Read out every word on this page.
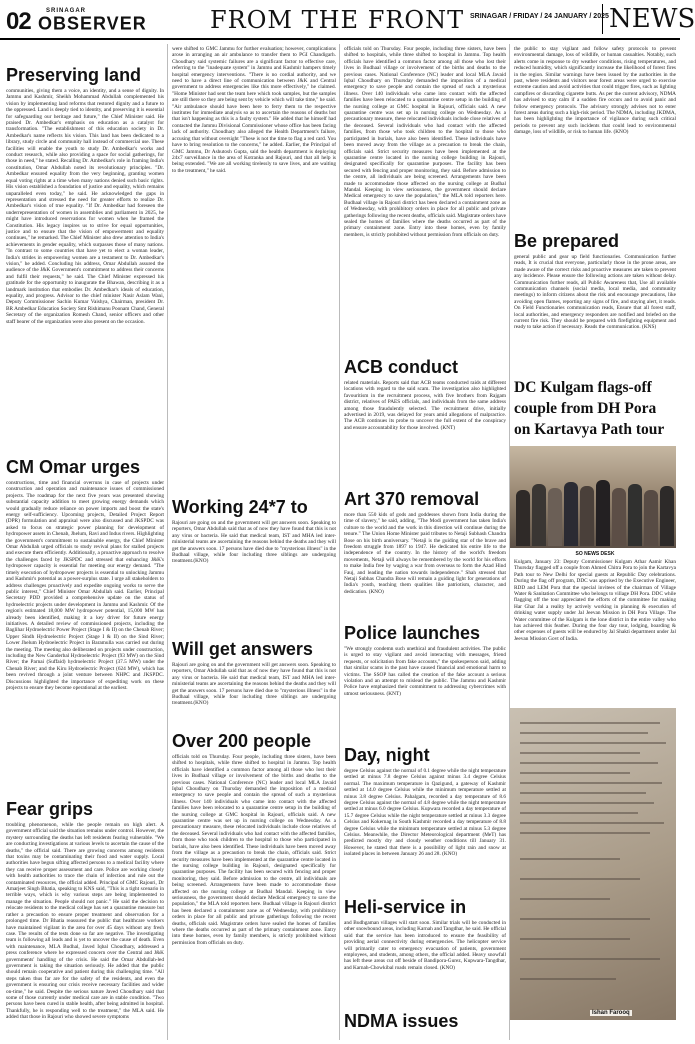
02	SRINAGAR
OBSERVER	FROM THE FRONT SRINAGAR / FRIDAY / 24 JANUARY / 2025 NEWS
Preserving land
communities, giving them a voice, an identity, and a sense of dignity. In Jammu and Kashmir, Sheikh Mohammad Abdullah complemented his vision by implementing land reforms that restored dignity and a future to the oppressed. Land is deeply tied to identity, and preserving it is essential for safeguarding our heritage and future," the Chief Minister said. He praised Dr. Ambedkar's emphasis on education as a catalyst for transformation. "The establishment of this education society in Dr. Ambedkar's name reflects his vision. This land has been dedicated to a library, study circle and community hall instead of commercial use. These facilities will enable the youth to study Dr. Ambedkar's works and conduct research, while also providing a space for social gatherings, for those in need," he stated. Recalling Dr. Ambedkar's role in framing India's constitution, Omar Abdullah noted its revolutionary principles. "Dr. Ambedkar ensured equality from the very beginning, granting women equal voting rights at a time when many nations denied such basic rights. His vision established a foundation of justice and equality, which remains unparalleled even today," he said. He acknowledged the gaps in representation and stressed the need for greater efforts to realize Dr. Ambedkar's vision of true equality. "If Dr. Ambedkar had foreseen the underrepresentation of women in assemblies and parliament in 2025, he might have introduced reservations for women when he framed the Constitution. His legacy inspires us to strive for equal opportunities, justice and to ensure that the vision of empowerment and equality continues," he remarked. The Chief Minister also drew attention to India's achievements in gender equality, which surpasses those of many nations. "In contrast to some countries that have yet to elect a woman leader, India's strides in empowering women are a testament to Dr. Ambedkar's vision," he added. Concluding his address, Omar Abdullah assured the audience of the J&K Government's commitment to address their concerns and fulfil their requests," he said. The Chief Minister expressed his gratitude for the opportunity to inaugurate the Bhawan, describing it as a landmark institution that embodies Dr. Ambedkar's ideals of education, equality, and progress. Advisor to the chief minister Nasir Aslam Wani, Deputy Commissioner Sachin Kumar Vaishya, Chairman, president Dr. BR Ambedkar Education Society Smt Rishimanu Poonam Chand, General Secretary of the organization Romesh Chand, senior officers and other staff bearer of the organization were also present on the occasion.
CM Omar urges
constructions, time and financial overruns in case of projects under construction and operation and maintenance issues of commissioned projects. The roadmap for the next five years was presented showing substantial capacity addition to meet growing energy demands which would gradually reduce reliance on power imports and boost the state's energy self-sufficiency. Upcoming projects, Detailed Project Report (DPR) formulation and appraisal were also discussed and JKSPDC was asked to focus on strategic power planning for development of hydropower assets in Chenab, Jhelum, Ravi and Indus rivers. Highlighting the government's commitment to sustainable energy, the Chief Minister Omar Abdullah urged officials to study revival plans for stalled projects and execute them efficiently. Additionally, a proactive approach to resolve the challenges faced by JKSPDC and stressed that enhancing J&K's hydropower capacity is essential for meeting our energy demand. "The timely execution of hydropower projects is essential to unlocking Jammu and Kashmir's potential as a power-surplus state. I urge all stakeholders to address challenges proactively and expedite ongoing works to serve the public interest," Chief Minister Omar Abdullah said. Earlier, Principal Secretary PDD provided a comprehensive update on the status of hydroelectric projects under development in Jammu and Kashmir. Of the region's estimated 18,000 MW hydropower potential, 15,000 MW has already been identified, making it a key driver for future energy initiatives. A detailed review of commissioned projects, including the Baglihar Hydroelectric Power Project (Stage I & II) on the Chenab River; Upper Sindh Hydroelectric Project (Stage I & II) on the Sind River; Lower Jhelum Hydroelectric Project in Baramulla was carried out during the meeting. The meeting also deliberated on projects under construction, including the New Ganderbal Hydroelectric Project (93 MW) on the Sind River; the Parnai (Suffaid) hydroelectric Project (37.5 MW) under the Chenab River; and the Kiru Hydroelectric Project (624 MW), which has been revived through a joint venture between NHPC and JKSPDC. Discussions highlighted the importance of expediting work on these projects to ensure they become operational at the earliest.
Fear grips
troubling phenomenon, while the people remain on high alert. A government official said the situation remains under control. However, the mystery surrounding the deaths has left residents fearing vulnerable. "We are conducting investigations at various levels to ascertain the cause of the deaths," the official said. There are growing concerns among residents that toxins may be contaminating their food and water supply. Local authorities have begun sifting affected persons to a medical facility where they can receive proper assessment and care. Police are working closely with health authorities to trace the chain of infection and rule out the contaminated resources, the official added. Principal of GMC Rajouri, Dr Amarjeet Singh Bhatia, speaking to KNS said, "This is a tight scenario in terrible ways, which is why various steps are being implemented to manage the situation. People should not panic." He said the decision to relocate residents to the medical college has set a quarantine measure but rather a precaution to ensure proper treatment and observation for a prolonged time. Dr Bhatia reassured the public that healthcare workers have maintained vigilant in the area for over 45 days without any fresh case. The results of the tests done so far are negative. The investigating team is following all leads and is yet to uncover the cause of death. Even with maintenance, MLA Budhal, Javed Iqbal Choudhary, addressed a press conference where he expressed concern over the Central and J&K governments' handling of the crisis. He said the Omar Abdullah-led government is taking the situation seriously. He added that the public should remain cooperative and patient during this challenging time. "All steps taken thus far are for the safety of the residents, and even the government is ensuring our crisis receive necessary facilities and wider on-time," he said. Despite the serious nature Javed Choudhary said that some of those currently under medical care are in stable condition. "Two persons have been cured in stable health, after being admitted in hospital. Thankfully, he is responding well to the treatment," the MLA said. He added that those in Rajouri who showed severe symptoms
were shifted to GMC Jammu for further evaluation; however, complications arose in arranging an air ambulance to transfer them to PGI Chandigarh. Choudhary said systemic failures are a significant factor to effective care, referring to the "inadequate system" in Jammu and Kashmir hampers timely hospital emergency interventions. "There is no cordial authority, and we need to have a direct line of communication between J&K and Central government to address emergencies like this more effectively," he claimed. "Home Minister had sent the team here which took samples, but the samples are still there so they are being sent by vehicle which will take time," he said. "Air ambulance should have been here to ferry them to the respective institutes for immediate analysis so as to ascertain the reasons of deaths but that isn't happening as this is a faulty system." He added that he himself had contacted the Jammu Divisional Commissioner whose office has been facing lack of authority. Choudhary also alleged the Health Department's failure, accusing that without oversight "These is not the time to flag a red card. You have to bring resolution to the concerns," he added. Earlier, the Principal of GMC Jammu, Dr Ashutosh Gupta, said the health department is deploying 24x7 surveillance in the area of Kotranka and Rajouri, and that all help is being extended. "We are all working tirelessly to save lives, and are waiting to the treatment," he said.
Working 24*7 to
Rajouri are going on and the government will get answers soon. Speaking to reporters, Omar Abdullah said that as of now they have found that this is not any virus or bacteria. He said that medical team, IST and MHA led inter-ministerial teams are ascertaining the reasons behind the deaths and they will get the answers soon. 17 persons have died due to "mysterious illness" in the Budhaal village, while four including three siblings are undergoing treatment.(KNO)
Will get answers
Rajouri are going on and the government will get answers soon. Speaking to reporters, Omar Abdullah said that as of now they have found that this is not any virus or bacteria. He said that medical team, IST and MHA led inter-ministerial teams are ascertaining the reasons behind the deaths and they will get the answers soon. 17 persons have died due to "mysterious illness" in the Budhaal village, while four including three siblings are undergoing treatment.(KNO)
Over 200 people
officials told on Thursday. Four people, including three sisters, have been shifted to hospitals, while three shifted to hospital in Jammu. Top health officials have identified a common factor among all those who lost their lives in Budhaal village or involvement of the births and deaths to the previous cases. National Conference (NC) leader and local MLA Javaid Iqbal Choudhary on Thursday demanded the imposition of a medical emergency to save people and contain the spread of such a mysterious illness. Over 140 individuals who came into contact with the affected families have been relocated to a quarantine centre setup in the building of the nursing college at GMC hospital in Rajouri, officials said. A new quarantine centre was set up in nursing college on Wednesday. As a precautionary measure, these relocated individuals include close relatives of the deceased. Several individuals who had contact with the affected families, from those who took children to the hospital to those who participated in burials, have also been identified. These individuals have been moved away from the village as a precaution to break the chain, officials said. Strict security measures have been implemented at the quarantine centre located in the nursing college building in Rajouri, designated specifically for quarantine purposes. The facility has been secured with fencing and proper monitoring, they said. Before admission to the centre, all individuals are being screened. Arrangements have been made to accommodate those affected on the nursing college at Budhal Mandal. Keeping in view seriousness, the government should declare Medical emergency to save the population," the MLA told reporters here. Budhaal village in Rajouri district has been declared a containment zone as of Wednesday, with prohibitory orders in place for all public and private gatherings following the recent deaths, officials said. Magistrate orders have sealed the homes of families where the deaths occurred as part of the primary containment zone. Entry into these homes, even by family members, is strictly prohibited without permission from officials on duty.
officials told on Thursday. Four people, including three sisters, have been shifted to hospitals, while three shifted to hospital in Jammu. Top health officials have identified a common factor among all those who lost their lives in Budhaal village or involvement of the births and deaths to the previous cases. National Conference (NC) leader and local MLA Javaid Iqbal Choudhary on Thursday demanded the imposition of a medical emergency to save people and contain the spread of such a mysterious illness. Over 140 individuals who came into contact with the affected families have been relocated to a quarantine centre setup in the building of the nursing college at GMC hospital in Rajouri, officials said. A new quarantine centre was set up in nursing college on Wednesday. As a precautionary measure, these relocated individuals include close relatives of the deceased. Several individuals who had contact with the affected families, from those who took children to the hospital to those who participated in burials, have also been identified. These individuals have been moved away from the village as a precaution to break the chain, officials said. Strict security measures have been implemented at the quarantine centre located in the nursing college building in Rajouri, designated specifically for quarantine purposes. The facility has been secured with fencing and proper monitoring, they said. Before admission to the centre, all individuals are being screened. Arrangements have been made to accommodate those affected on the nursing college at Budhal Mandal. Keeping in view seriousness, the government should declare Medical emergency to save the population," the MLA told reporters here. Budhaal village in Rajouri district has been declared a containment zone as of Wednesday, with prohibitory orders in place for all public and private gatherings following the recent deaths, officials said. Magistrate orders have sealed the homes of families where the deaths occurred as part of the primary containment zone. Entry into these homes, even by family members, is strictly prohibited without permission from officials on duty.
ACB conduct
related materials. Reports said that ACB teams conducted raids at different locations with regard to the said scam. The investigation also highlighted favouritism in the recruitment process, with five brothers from Rajgam district, relatives of PAES officials, and individuals from the same address among those fraudulently selected. The recruitment drive, initially advertised in 2019, was delayed for years amid allegations of malpractice. The ACB continues its probe to uncover the full extent of the conspiracy and ensure accountability for those involved. (KNT)
Art 370 removal
more than 550 kids of gods and goddesses shown from India during the time of slavery," he said, adding, "The Modi government has taken India's culture to the world and the work in this direction will continue during the tenure." The Union Home Minister paid tributes to Netaji Subhash Chandra Bose on his birth anniversary. "Netaji is the guiding star of the brave and freedom struggle from 1897 to 1947. He dedicated his entire life to the independence of the country. In the history of the world's freedom movements, Netaji will always be remembered by the world for his efforts to make India free by waging a war from overseas to form the Azad Hind Fauj, and leading the nation towards independence." Shah stressed that Netaji Subhas Chandra Bose will remain a guiding light for generations of India's youth, teaching them qualities like patriotism, character, and dedication. (KNO)
Police launches
"We strongly condemn such unethical and fraudulent activities. The public is urged to stay vigilant and avoid interacting with messages, friend requests, or solicitation from fake accounts," the spokesperson said, adding that similar scams in the past have caused financial and emotional harm to victims. The SSOP has called the creation of the fake account a serious violation and an attempt to mislead the public. The Jammu and Kashmir Police have emphasized their commitment to addressing cybercrimes with utmost seriousness. (KNT)
Day, night
degree Celsius against the normal of 0.1 degree while the night temperature settled at minus 7.8 degree Celsius against minus 3.4 degree Celsius normal. The maximum temperature in Qazigund, a gateway of Kashmir settled at 14.0 degree Celsius while the minimum temperature settled at minus 3.8 degree Celsius. Pahalgam, recorded a day temperature of 8.6 degree Celsius against the normal of 4.8 degree while the night temperature settled at minus 6.0 degree Celsius. Kupwara recorded a day temperature of 15.7 degree Celsius while the night temperature settled at minus 3.3 degree Celsius and Kokernag in South Kashmir recorded a day temperature of 8.8 degree Celsius while the minimum temperature settled at minus 5.3 degree Celsius. Meanwhile, the Director Meteorological department (MeT) has predicted mostly dry and cloudy weather conditions till January 31. However, he stated that there is a possibility of light rain and snow at isolated places in between January 26 and 28. (KNO)
Heli-service in
and Budhgaman villages will start soon. Similar trials will be conducted in other snowbound areas, including Karnah and Tangdhar, he said. He official said that the service has been introduced to ensure the feasibility of providing aerial connectivity during emergencies. The helicopter service will primarily cater to emergency evacuation of patients, government employees, and students, among others, the official added. Heavy snowfall has left these areas cut off beside of Bandipora-Gurez, Kupwara-Tangdhar, and Karnah-Chowkibal roads remain closed. (KNO)
NDMA issues
the public to stay vigilant and follow safety protocols to prevent environmental damage, loss of wildlife, or human casualties. Notably, such alerts come in response to dry weather conditions, rising temperatures, and reduced humidity, which significantly increase the likelihood of forest fires in the region. Similar warnings have been issued by the authorities in the past, where residents and visitors near forest areas were urged to exercise extreme caution and avoid activities that could trigger fires, such as lighting campfires or discarding cigarette butts. As per the current advisory, NDMA has advised to stay calm if a sudden fire occurs and to avoid panic and follow emergency protocols. The advisory strongly advises not to enter forest areas during such a high-risk period. The NDMA, including JKDMA, has been highlighting the importance of vigilance during such critical periods to prevent any such incidents that could lead to environmental damage, loss of wildlife, or risk to human life. (KNO)
Be prepared
general public and gear up field functionaries. Communication further reads, It is crucial that everyone, particularly those in the prone areas, are made aware of the correct risks and proactive measures are taken to prevent any incidence. Please ensure the following actions are taken without delay. Communication further reads, all Public Awareness that, Use all available communication channels (social media, local media, and community meetings) to inform citizens about the risk and encourage precautions, like avoiding open flames, reporting any signs of fire, and staying alert, it reads. On Field Functionaries communication reads, Ensure that all forest staff, local authorities, and emergency responders are notified and briefed on the current fire risk. They should be prepared with firefighting equipment and ready to take action if necessary. Reads the communication. (KNS)
DC Kulgam flags-off couple from DH Pora on Kartavya Path tour
SO NEWS DESK
Kulgam, January 23: Deputy Commissioner Kulgam Athar Aamir Khan Thursday flagged off a couple from Ahmed Chitra Pora to join the Kartavya Path tour to New Delhi for special guests at Republic Day celebrations. During the flag off program, DDC was apprised by the Executive Engineer, RDD and LEM Pora that the special invitees of the chairman of Village Water & Sanitation Committee who belongs to village DH Pora. DDC while flagging off the tour appreciated the efforts of the committee for making Har Ghar Jal a reality by actively working in planning & execution of drinking water supply under Jal Jeevan Mission in DH Pora Village. The Water committee of the Kulgam is the lone district in the entire valley who has achieved this feather. During the four day tour, lodging, boarding & other expenses of guests will be endured by Jal Shakti department under Jal Jeevan Mission Govt of India.
Ishan Farooq
